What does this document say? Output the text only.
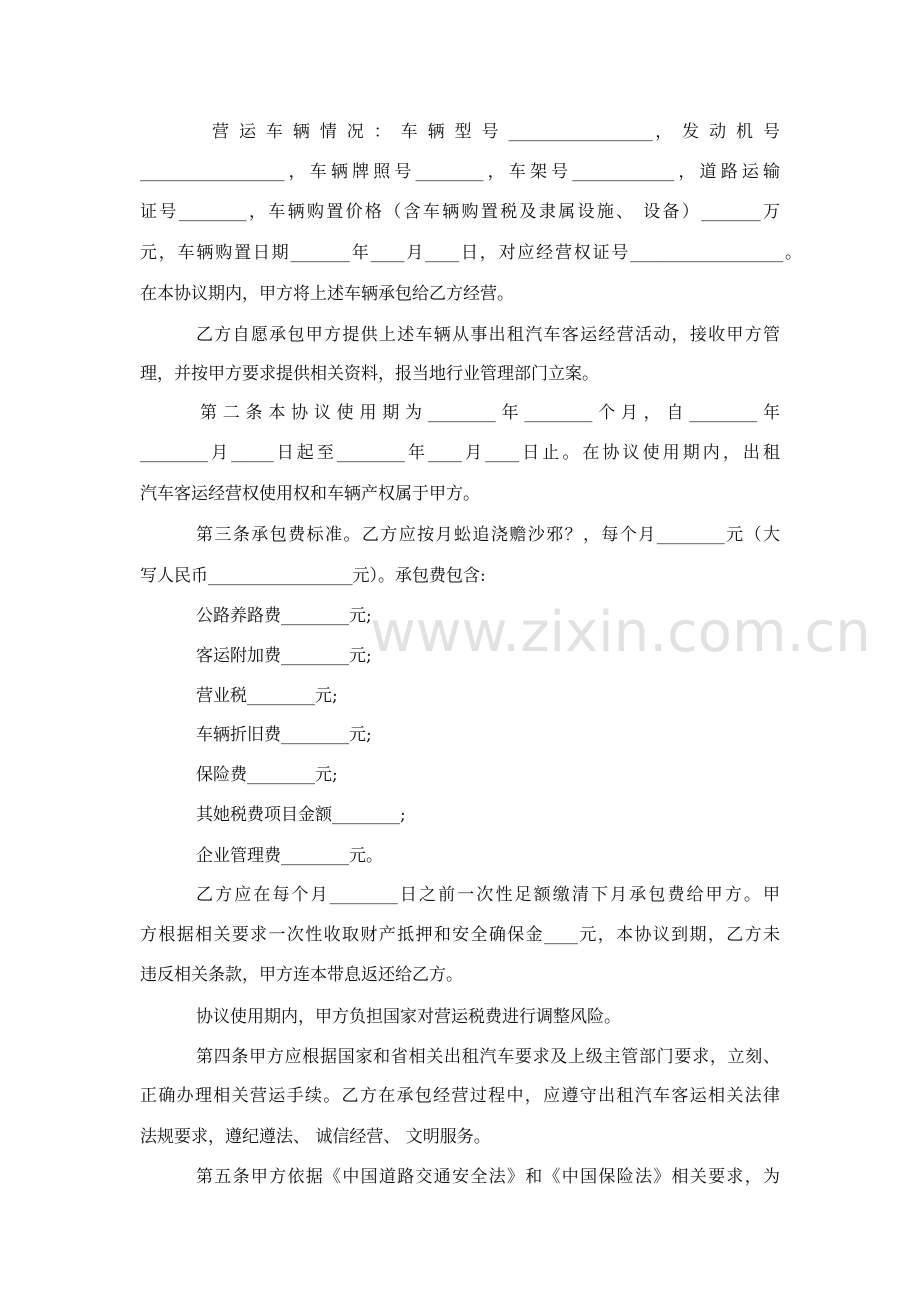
营 运 车 辆 情 况 ： 车 辆 型 号 _________________， 发 动 机 号
_________________，车辆牌照号________，车架号____________，道路运输
证号________，车辆购置价格（含车辆购置税及隶属设施、 设备）_______万
元，车辆购置日期_______年____月____日，对应经营权证号__________________。
在本协议期内，甲方将上述车辆承包给乙方经营。
乙方自愿承包甲方提供上述车辆从事出租汽车客运经营活动，接收甲方管
理，并按甲方要求提供相关资料，报当地行业管理部门立案。
第二条本协议使用期为________年________个月，自________年
________月_____日起至________年____月____日止。在协议使用期内，出租
汽车客运经营权使用权和车辆产权属于甲方。
第三条承包费标准。乙方应按月蚣追浇赡沙邪？，每个月________元（大
写人民币_________________元）。承包费包含:
公路养路费________元;
客运附加费________元;
营业税________元;
车辆折旧费________元;
保险费________元;
其她税费项目金额________;
企业管理费________元。
乙方应在每个月________日之前一次性足额缴清下月承包费给甲方。甲
方根据相关要求一次性收取财产抵押和安全确保金____元，本协议到期，乙方未
违反相关条款，甲方连本带息返还给乙方。
协议使用期内，甲方负担国家对营运税费进行调整风险。
第四条甲方应根据国家和省相关出租汽车要求及上级主管部门要求，立刻、
正确办理相关营运手续。乙方在承包经营过程中，应遵守出租汽车客运相关法律
法规要求，遵纪遵法、 诚信经营、 文明服务。
第五条甲方依据《中国道路交通安全法》和《中国保险法》相关要求，为
www.zixin.com.cn
